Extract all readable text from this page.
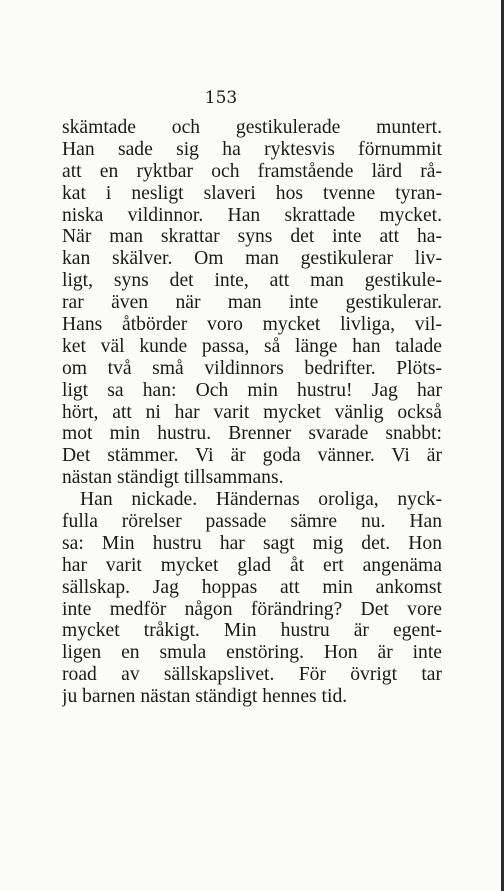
153
skämtade och gestikulerade muntert.
Han sade sig ha ryktesvis förnummit
att en ryktbar och framstående lärd rå-
kat i nesligt slaveri hos tvenne tyran-
niska vildinnor. Han skrattade mycket.
När man skrattar syns det inte att ha-
kan skälver. Om man gestikulerar liv-
ligt, syns det inte, att man gestikule-
rar även när man inte gestikulerar.
Hans åtbörder voro mycket livliga, vil-
ket väl kunde passa, så länge han talade
om två små vildinnors bedrifter. Plöts-
ligt sa han: Och min hustru! Jag har
hört, att ni har varit mycket vänlig också
mot min hustru. Brenner svarade snabbt:
Det stämmer. Vi är goda vänner. Vi är
nästan ständigt tillsammans.
Han nickade. Händernas oroliga, nyck-
fulla rörelser passade sämre nu. Han
sa: Min hustru har sagt mig det. Hon
har varit mycket glad åt ert angenäma
sällskap. Jag hoppas att min ankomst
inte medför någon förändring? Det vore
mycket tråkigt. Min hustru är egent-
ligen en smula enstöring. Hon är inte
road av sällskapslivet. För övrigt tar
ju barnen nästan ständigt hennes tid.
